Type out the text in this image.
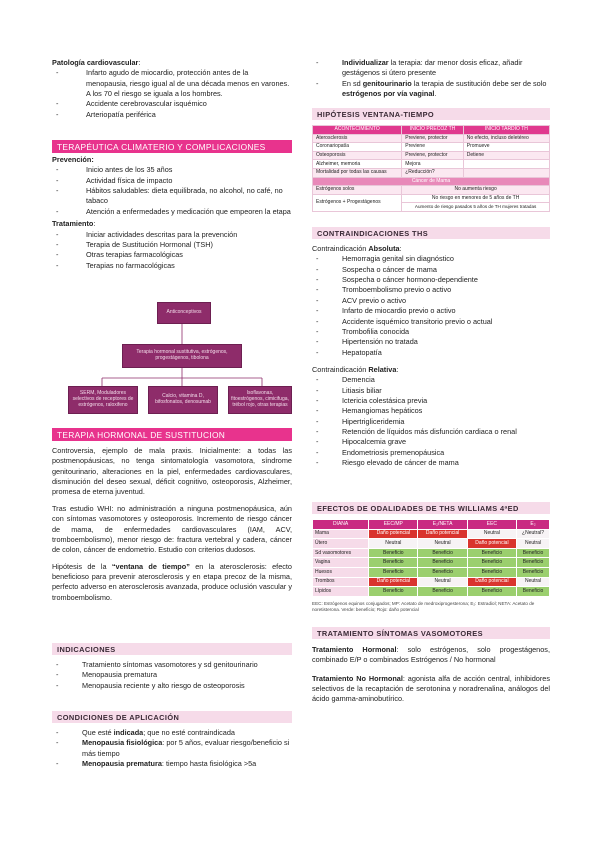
Patología cardiovascular:
- Infarto agudo de miocardio, protección antes de la menopausia, riesgo igual al de una década menos en varones. A los 70 el riesgo se iguala a los hombres.
- Accidente cerebrovascular isquémico
- Arteriopatía periférica
TERAPÉUTICA CLIMATERIO Y COMPLICACIONES
Prevención:
- Inicio antes de los 35 años
- Actividad física de impacto
- Hábitos saludables: dieta equilibrada, no alcohol, no café, no tabaco
- Atención a enfermedades y medicación que empeoren la etapa
Tratamiento:
- Iniciar actividades descritas para la prevención
- Terapia de Sustitución Hormonal (TSH)
- Otras terapias farmacológicas
- Terapias no farmacológicas
Anticonceptivos
Terapia hormonal sustitutiva, estrógenos, progestágenos, tibolona
SERM, Moduladores selectivos de receptores de estrógenos, raloxifeno
Calcio, vitamina D, bifosfonatos, denosumab
Isoflavonas, fitoestrógenos, cimicifuga, trébol rojo, otras terapias
TERAPIA HORMONAL DE SUSTITUCION

Controversia, ejemplo de mala praxis. Inicialmente: a todas las postmenopáusicas, no tenga sintomatología vasomotora, síndrome genitourinario, alteraciones en la piel, enfermedades cardiovasculares, disminución del deseo sexual, déficit cognitivo, osteoporosis, Alzheimer, promesa de eterna juventud.

Tras estudio WHI: no administración a ninguna postmenopáusica, aún con síntomas vasomotores y osteoporosis. Incremento de riesgo cáncer de mama, de enfermedades cardiovasculares (IAM, ACV, tromboembolismo), menor riesgo de: fractura vertebral y cadera, cáncer de colon, cáncer de endometrio. Estudio con criterios dudosos.

Hipótesis de la “ventana de tiempo” en la aterosclerosis: efecto beneficioso para prevenir aterosclerosis y en etapa precoz de la misma, perfecto adverso en aterosclerosis avanzada, produce oclusión vascular y tromboembolismo.

INDICACIONES
- Tratamiento síntomas vasomotores y sd genitourinario
- Menopausia prematura
- Menopausia reciente y alto riesgo de osteoporosis
CONDICIONES DE APLICACIÓN
- Que esté indicada; que no esté contraindicada
- Menopausia fisiológica: por 5 años, evaluar riesgo/beneficio si más tiempo
- Menopausia prematura: tiempo hasta fisiológica >5a
- Individualizar la terapia: dar menor dosis eficaz, añadir gestágenos si útero presente
- En sd genitourinario la terapia de sustitución debe ser de solo estrógenos por vía vaginal.
HIPÓTESIS VENTANA-TIEMPO
ACONTECIMIENTO	INICIO PRECOZ TH	INICIO TARDÍO TH
Aterosclerosis	Previene, protector	No efecto, incluso deletéreo
Coronariopatía	Previene	Promueve
Osteoporosis	Previene, protector	Detiene
Alzheimer, memoria	Mejora	
Mortalidad por todas las causas	¿Reducción?	
Cáncer de Mama		
Estrógenos solos	No aumenta riesgo	
Estrógenos + Progestágenos	No riesgo en menores de 5 años de TH	
	Aumento de riesgo pasados 5 años de TH mujeres tratadas	
CONTRAINDICACIONES THS
Contraindicación Absoluta:
- Hemorragia genital sin diagnóstico
- Sospecha o cáncer de mama
- Sospecha o cáncer hormono-dependiente
- Tromboembolismo previo o activo
- ACV previo o activo
- Infarto de miocardio previo o activo
- Accidente isquémico transitorio previo o actual
- Trombofilia conocida
- Hipertensión no tratada
- Hepatopatía
Contraindicación Relativa:
- Demencia
- Litiasis biliar
- Ictericia colestásica previa
- Hemangiomas hepáticos
- Hipertrigliceridemia
- Retención de líquidos más disfunción cardiaca o renal
- Hipocalcemia grave
- Endometriosis premenopáusica
- Riesgo elevado de cáncer de mama
EFECTOS DE ODALIDADES DE THS WILLIAMS 4ªED
DIANA	EEC/MP	E₂/NETA	EEC	E₂
Mama	Daño potencial	Daño potencial	Neutral	¿Neutral?
Útero	Neutral	Neutral	Daño potencial	Neutral
Sd vasomotores	Beneficio	Beneficio	Beneficio	Beneficio
Vagina	Beneficio	Beneficio	Beneficio	Beneficio
Huesos	Beneficio	Beneficio	Beneficio	Beneficio
Trombos	Daño potencial	Neutral	Daño potencial	Neutral
Lípidos	Beneficio	Beneficio	Beneficio	Beneficio
EEC: Estrógenos equinos conjugados; MP: Acetato de medroxiprogesterona; E₂: Estradiol; NETA: Acetato de noretisterona. Verde: beneficio; Rojo: daño potencial
TRATAMIENTO SÍNTOMAS VASOMOTORES

Tratamiento Hormonal: solo estrógenos, solo progestágenos, combinado E/P o combinados Estrógenos / No hormonal

Tratamiento No Hormonal: agonista alfa de acción central, inhibidores selectivos de la recaptación de serotonina y noradrenalina, análogos del ácido gamma-aminobutírico.
